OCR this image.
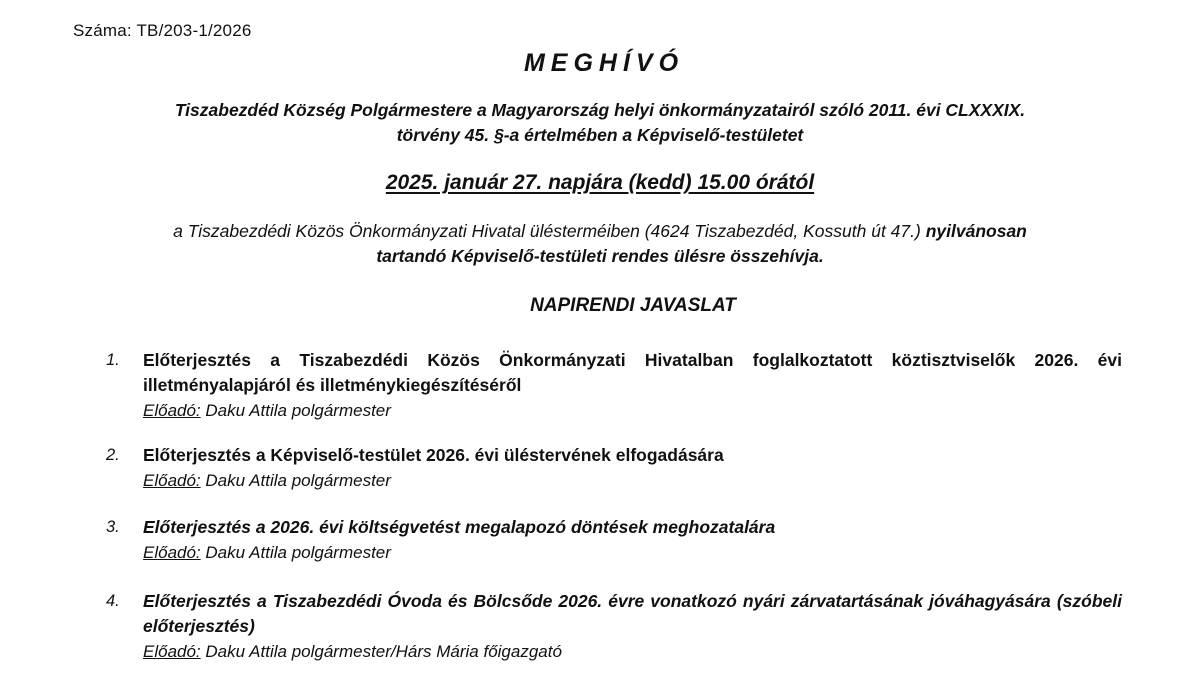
Száma: TB/203-1/2026
MEGHÍVÓ
Tiszabezdéd Község Polgármestere a Magyarország helyi önkormányzatairól szóló 2011. évi CLXXXIX.
törvény 45. §-a értelmében a Képviselő-testületet
2025. január 27. napjára (kedd) 15.00 órától
a Tiszabezdédi Közös Önkormányzati Hivatal ülésterméiben (4624 Tiszabezdéd, Kossuth út 47.) nyilvánosan
tartandó Képviselő-testületi rendes ülésre összehívja.
NAPIRENDI JAVASLAT
1.	Előterjesztés a Tiszabezdédi Közös Önkormányzati Hivatalban foglalkoztatott köztisztviselők 2026. évi illetményalapjáról és illetménykiegészítéséről
Előadó: Daku Attila polgármester
2.	Előterjesztés a Képviselő-testület 2026. évi üléstervének elfogadására
Előadó: Daku Attila polgármester
3.	Előterjesztés a 2026. évi költségvetést megalapozó döntések meghozatalára
Előadó: Daku Attila polgármester
4.	Előterjesztés a Tiszabezdédi Óvoda és Bölcsőde 2026. évre vonatkozó nyári zárvatartásának jóváhagyására (szóbeli előterjesztés)
Előadó: Daku Attila polgármester/Hárs Mária főigazgató
